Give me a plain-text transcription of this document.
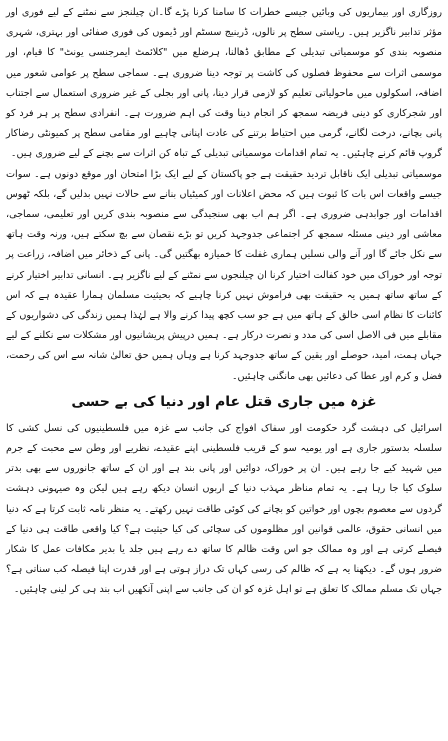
روزگاری اور بیماریوں کی وبائیں جیسے خطرات کا سامنا کرنا پڑے گا۔ان چیلنجز سے نمٹنے کے لیے فوری اور مؤثر تدابیر ناگزیر ہیں۔ ریاستی سطح پر نالوں، ڈرینیج سسٹم اور ڈیموں کی فوری صفائی اور بہتری، شہری منصوبہ بندی کو موسمیاتی تبدیلی کے مطابق ڈھالنا، ہرضلع میں "کلائمٹ ایمرجنسی یونٹ" کا قیام، اور موسمی اثرات سے محفوظ فصلوں کی کاشت پر توجہ دینا ضروری ہے۔ سماجی سطح پر عوامی شعور میں اضافہ، اسکولوں میں ماحولیاتی تعلیم کو لازمی قرار دینا، پانی اور بجلی کے غیر ضروری استعمال سے اجتناب اور شجرکاری کو دینی فریضہ سمجھ کر انجام دینا وقت کی اہم ضرورت ہے۔ انفرادی سطح پر ہر فرد کو پانی بچانے، درخت لگانے، گرمی میں احتیاط برتنے کی عادت اپنانی چاہیے اور مقامی سطح پر کمیونٹی رضاکار گروپ قائم کرنے چاہئیں۔ یہ تمام اقدامات موسمیاتی تبدیلی کے تباہ کن اثرات سے بچنے کے لیے ضروری ہیں۔

موسمیاتی تبدیلی ایک ناقابل تردید حقیقت ہے جو پاکستان کے لیے ایک بڑا امتحان اور موقع دونوں ہے۔ سوات جیسے واقعات اس بات کا ثبوت ہیں کہ محض اعلانات اور کمیٹیاں بنانے سے حالات نہیں بدلیں گے، بلکہ ٹھوس اقدامات اور جوابدہی ضروری ہے۔ اگر ہم اب بھی سنجیدگی سے منصوبہ بندی کریں اور تعلیمی، سماجی، معاشی اور دینی مسئلہ سمجھ کر اجتماعی جدوجہد کریں تو بڑے نقصان سے بچ سکتے ہیں، ورنہ وقت ہاتھ سے نکل جائے گا اور آنے والی نسلیں ہماری غفلت کا خمیازہ بھگتیں گی۔ پانی کے ذخائر میں اضافہ، زراعت پر توجہ اور خوراک میں خود کفالت اختیار کرنا ان چیلنجوں سے نمٹنے کے لیے ناگزیر ہے۔ انسانی تدابیر اختیار کرنے کے ساتھ ساتھ ہمیں یہ حقیقت بھی فراموش نہیں کرنا چاہیے کہ بحیثیت مسلمان ہمارا عقیدہ ہے کہ اس کائنات کا نظام اسی خالق کے ہاتھ میں ہے جو سب کچھ پیدا کرنے والا ہے لہٰذا ہمیں زندگی کی دشواریوں کے مقابلے میں فی الاصل اسی کی مدد و نصرت درکار ہے۔ ہمیں درپیش پریشانیوں اور مشکلات سے نکلنے کے لیے جہاں ہمت، امید، حوصلے اور یقین کے ساتھ جدوجہد کرنا ہے وہاں ہمیں حق تعالیٰ شانہ سے اس کی رحمت، فضل و کرم اور عطا کی دعائیں بھی مانگنی چاہئیں۔

غزہ میں جاری قتل عام اور دنیا کی بے حسی

اسرائیل کی دہشت گرد حکومت اور سفاک افواج کی جانب سے غزہ میں فلسطینیوں کی نسل کشی کا سلسلہ بدستور جاری ہے اور یومیہ سو کے قریب فلسطینی اپنے عقیدے، نظریے اور وطن سے محبت کے جرم میں شہید کیے جا رہے ہیں۔ ان پر خوراک، دوائیں اور پانی بند ہے اور ان کے ساتھ جانوروں سے بھی بدتر سلوک کیا جا رہا ہے۔ یہ تمام مناظر مہذب دنیا کے اربوں انسان دیکھ رہے ہیں لیکن وہ صیہونی دہشت گردوں سے معصوم بچوں اور خواتین کو بچانے کی کوئی طاقت نہیں رکھتے۔ یہ منظر نامہ ثابت کرتا ہے کہ دنیا میں انسانی حقوق، عالمی قوانین اور مظلوموں کی سچائی کی کیا حیثیت ہے؟ کیا واقعی طاقت ہی دنیا کے فیصلے کرتی ہے اور وہ ممالک جو اس وقت ظالم کا ساتھ دے رہے ہیں جلد یا بدیر مکافات عمل کا شکار ضرور ہوں گے۔ دیکھنا یہ ہے کہ ظالم کی رسی کہاں تک دراز ہوتی ہے اور قدرت اپنا فیصلہ کب سناتی ہے؟ جہاں تک مسلم ممالک کا تعلق ہے تو اہل غزہ کو ان کی جانب سے اپنی آنکھیں اب بند ہی کر لینی چاہئیں۔
